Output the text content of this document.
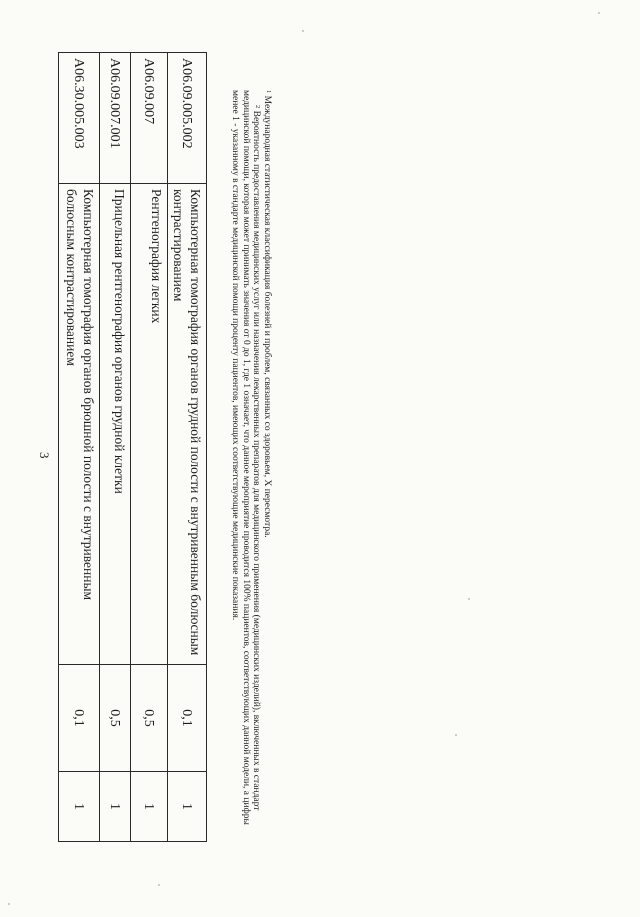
3
A06.09.005.002	Компьютерная томография органов грудной полости с внутривенным болюсным контрастированием	0,1	1
A06.09.007	Рентгенография легких	0,5	1
A06.09.007.001	Прицельная рентгенография органов грудной клетки	0,5	1
A06.30.005.003	Компьютерная томография органов брюшной полости с внутривенным болюсным контрастированием	0,1	1

$^1$ Международная статистическая классификация болезней и проблем, связанных со здоровьем, X пересмотра.

$^2$ Вероятность предоставления медицинских услуг или назначения лекарственных препаратов для медицинского применения (медицинских изделий), включенных в стандарт медицинской помощи, которая может принимать значения от 0 до 1, где 1 означает, что данное мероприятие проводится 100% пациентов, соответствующих данной модели, а цифры менее 1 - указанному в стандарте медицинской помощи проценту пациентов, имеющих соответствующие медицинские показания.
